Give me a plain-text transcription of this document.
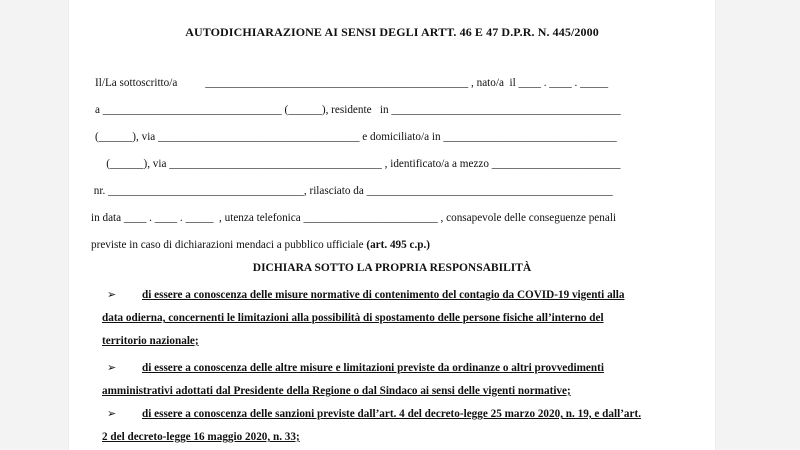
AUTODICHIARAZIONE AI SENSI DEGLI ARTT. 46 E 47 D.P.R. N. 445/2000
Il/La sottoscritto/a          _______________________________________________ , nato/a  il ____ . ____ . _____
a ________________________________ (______), residente   in _________________________________________
(______), via ____________________________________ e domiciliato/a in _______________________________
(______), via ______________________________________ , identificato/a a mezzo _______________________
nr. ___________________________________, rilasciato da ____________________________________________
in data ____ . ____ . _____  , utenza telefonica ________________________ , consapevole delle conseguenze penali
previste in caso di dichiarazioni mendaci a pubblico ufficiale (art. 495 c.p.)
DICHIARA SOTTO LA PROPRIA RESPONSABILITÀ
➢ di essere a conoscenza delle misure normative di contenimento del contagio da COVID-19 vigenti alla
data odierna, concernenti le limitazioni alla possibilità di spostamento delle persone fisiche all’interno del
territorio nazionale;
➢ di essere a conoscenza delle altre misure e limitazioni previste da ordinanze o altri provvedimenti
amministrativi adottati dal Presidente della Regione o dal Sindaco ai sensi delle vigenti normative;
➢ di essere a conoscenza delle sanzioni previste dall’art. 4 del decreto-legge 25 marzo 2020, n. 19, e dall’art.
2 del decreto-legge 16 maggio 2020, n. 33;
